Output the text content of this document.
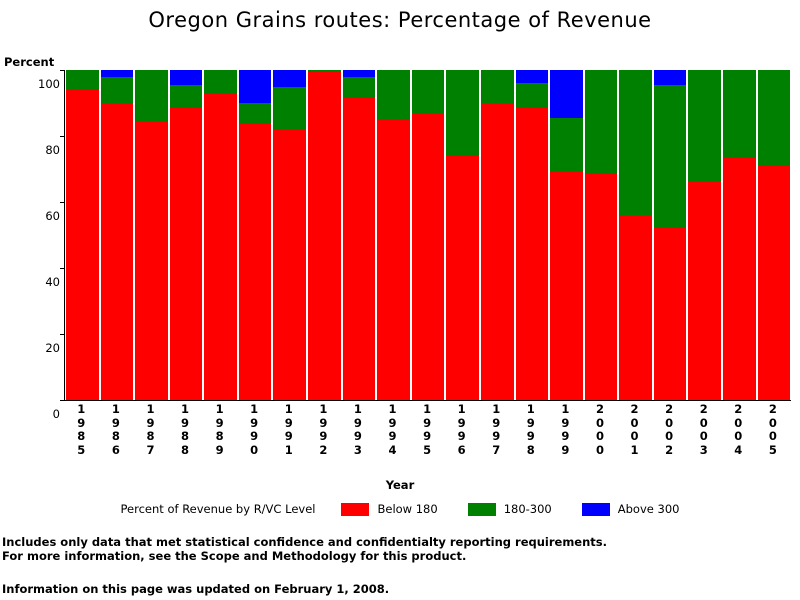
Oregon Grains routes: Percentage of Revenue
Percent
0
20
40
60
80
100
1
9
8
5
1
9
8
6
1
9
8
7
1
9
8
8
1
9
8
9
1
9
9
0
1
9
9
1
1
9
9
2
1
9
9
3
1
9
9
4
1
9
9
5
1
9
9
6
1
9
9
7
1
9
9
8
1
9
9
9
2
0
0
0
2
0
0
1
2
0
0
2
2
0
0
3
2
0
0
4
2
0
0
5
Year
Percent of Revenue by R/VC Level	Below 180	180-300	Above 300
Includes only data that met statistical confidence and confidentialty reporting requirements.
For more information, see the Scope and Methodology for this product.
Information on this page was updated on February 1, 2008.
